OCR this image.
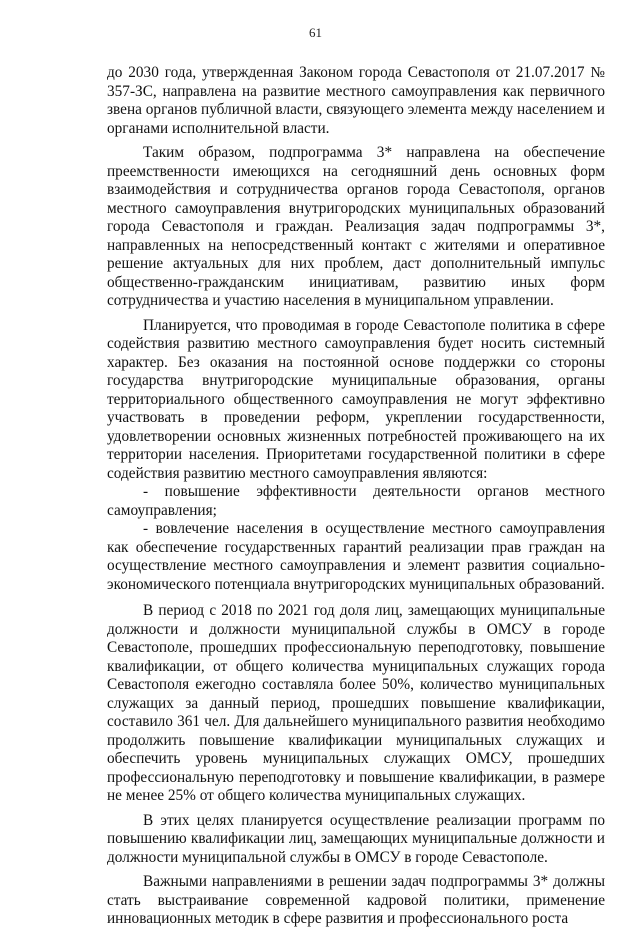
61

до 2030 года, утвержденная Законом города Севастополя от 21.07.2017 № 357-ЗС, направлена на развитие местного самоуправления как первичного звена органов публичной власти, связующего элемента между населением и органами исполнительной власти.

Таким образом, подпрограмма 3* направлена на обеспечение преемственности имеющихся на сегодняшний день основных форм взаимодействия и сотрудничества органов города Севастополя, органов местного самоуправления внутригородских муниципальных образований города Севастополя и граждан. Реализация задач подпрограммы 3*, направленных на непосредственный контакт с жителями и оперативное решение актуальных для них проблем, даст дополнительный импульс общественно-гражданским инициативам, развитию иных форм сотрудничества и участию населения в муниципальном управлении.

Планируется, что проводимая в городе Севастополе политика в сфере содействия развитию местного самоуправления будет носить системный характер. Без оказания на постоянной основе поддержки со стороны государства внутригородские муниципальные образования, органы территориального общественного самоуправления не могут эффективно участвовать в проведении реформ, укреплении государственности, удовлетворении основных жизненных потребностей проживающего на их территории населения. Приоритетами государственной политики в сфере содействия развитию местного самоуправления являются:

- повышение эффективности деятельности органов местного самоуправления;

- вовлечение населения в осуществление местного самоуправления как обеспечение государственных гарантий реализации прав граждан на осуществление местного самоуправления и элемент развития социально-экономического потенциала внутригородских муниципальных образований.

В период с 2018 по 2021 год доля лиц, замещающих муниципальные должности и должности муниципальной службы в ОМСУ в городе Севастополе, прошедших профессиональную переподготовку, повышение квалификации, от общего количества муниципальных служащих города Севастополя ежегодно составляла более 50%, количество муниципальных служащих за данный период, прошедших повышение квалификации, составило 361 чел. Для дальнейшего муниципального развития необходимо продолжить повышение квалификации муниципальных служащих и обеспечить уровень муниципальных служащих ОМСУ, прошедших профессиональную переподготовку и повышение квалификации, в размере не менее 25% от общего количества муниципальных служащих.

В этих целях планируется осуществление реализации программ по повышению квалификации лиц, замещающих муниципальные должности и должности муниципальной службы в ОМСУ в городе Севастополе.

Важными направлениями в решении задач подпрограммы 3* должны стать выстраивание современной кадровой политики, применение инновационных методик в сфере развития и профессионального роста
